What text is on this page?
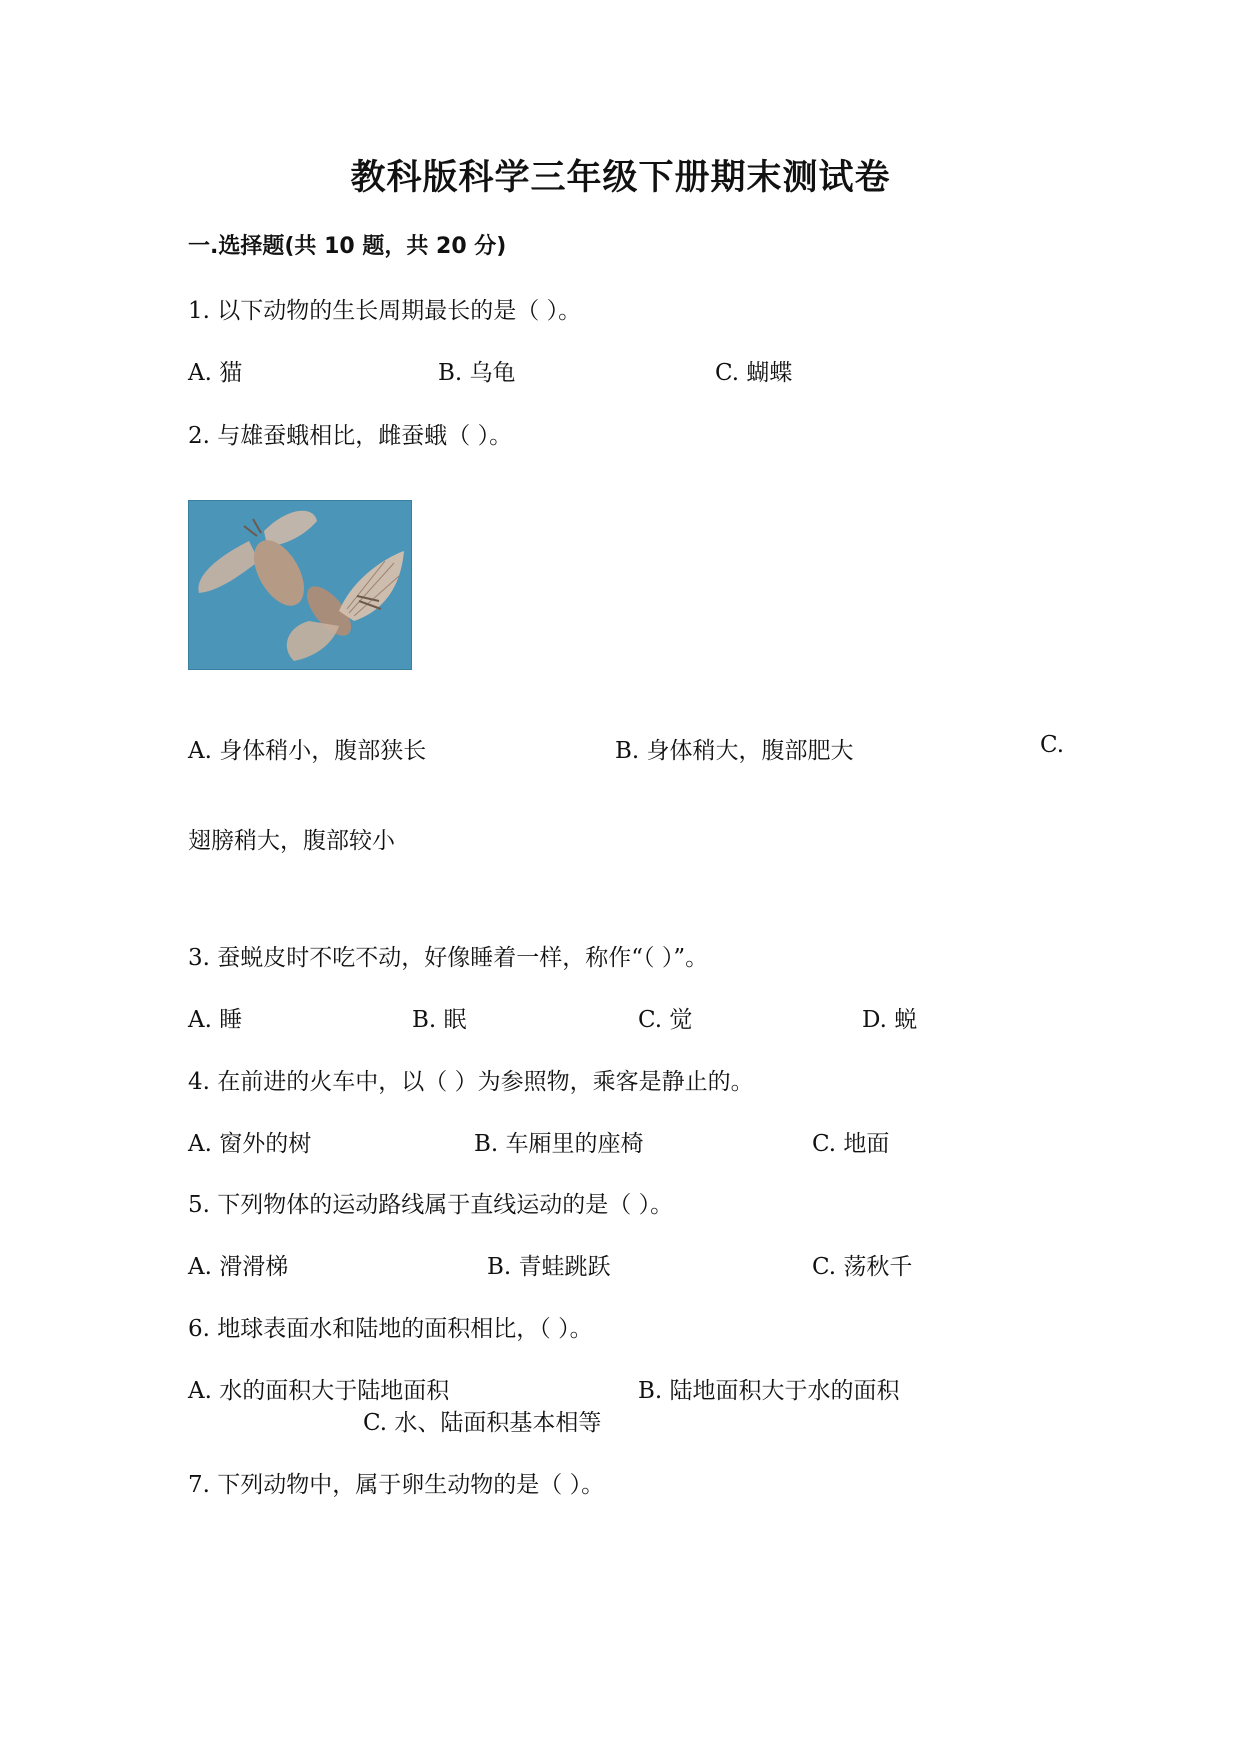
教科版科学三年级下册期末测试卷
一.选择题(共 10 题，共 20 分)
1. 以下动物的生长周期最长的是（ ）。
A. 猫	B. 乌龟	C. 蝴蝶
2. 与雄蚕蛾相比，雌蚕蛾（ ）。
A. 身体稍小，腹部狭长	B. 身体稍大，腹部肥大	C.
翅膀稍大，腹部较小
3. 蚕蜕皮时不吃不动，好像睡着一样，称作“（ ）”。
A. 睡	B. 眠	C. 觉	D. 蜕
4. 在前进的火车中，以（ ）为参照物，乘客是静止的。
A. 窗外的树	B. 车厢里的座椅	C. 地面
5. 下列物体的运动路线属于直线运动的是（ ）。
A. 滑滑梯	B. 青蛙跳跃	C. 荡秋千
6. 地球表面水和陆地的面积相比，（ ）。
A. 水的面积大于陆地面积	B. 陆地面积大于水的面积
C. 水、陆面积基本相等
7. 下列动物中，属于卵生动物的是（ ）。
